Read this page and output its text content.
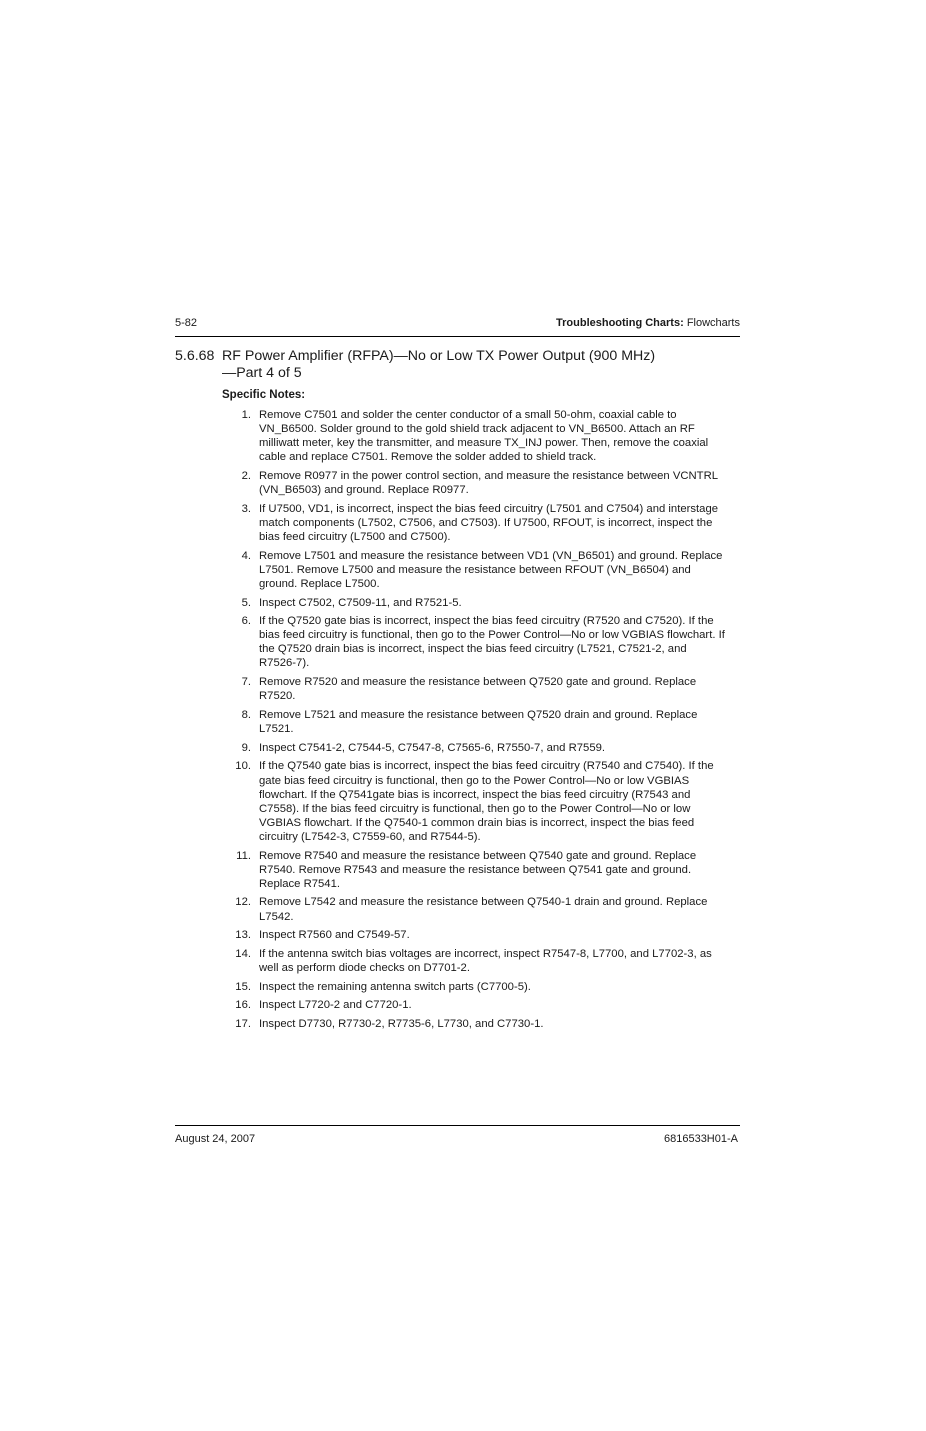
5-82	Troubleshooting Charts: Flowcharts
5.6.68 RF Power Amplifier (RFPA)—No or Low TX Power Output (900 MHz)
—Part 4 of 5
Specific Notes:
1. Remove C7501 and solder the center conductor of a small 50-ohm, coaxial cable to
VN_B6500. Solder ground to the gold shield track adjacent to VN_B6500. Attach an RF
milliwatt meter, key the transmitter, and measure TX_INJ power. Then, remove the coaxial
cable and replace C7501. Remove the solder added to shield track.
2. Remove R0977 in the power control section, and measure the resistance between VCNTRL
(VN_B6503) and ground. Replace R0977.
3. If U7500, VD1, is incorrect, inspect the bias feed circuitry (L7501 and C7504) and interstage
match components (L7502, C7506, and C7503). If U7500, RFOUT, is incorrect, inspect the
bias feed circuitry (L7500 and C7500).
4. Remove L7501 and measure the resistance between VD1 (VN_B6501) and ground. Replace
L7501. Remove L7500 and measure the resistance between RFOUT (VN_B6504) and
ground. Replace L7500.
5. Inspect C7502, C7509-11, and R7521-5.
6. If the Q7520 gate bias is incorrect, inspect the bias feed circuitry (R7520 and C7520). If the
bias feed circuitry is functional, then go to the Power Control—No or low VGBIAS flowchart. If
the Q7520 drain bias is incorrect, inspect the bias feed circuitry (L7521, C7521-2, and
R7526-7).
7. Remove R7520 and measure the resistance between Q7520 gate and ground. Replace
R7520.
8. Remove L7521 and measure the resistance between Q7520 drain and ground. Replace
L7521.
9. Inspect C7541-2, C7544-5, C7547-8, C7565-6, R7550-7, and R7559.
10. If the Q7540 gate bias is incorrect, inspect the bias feed circuitry (R7540 and C7540). If the
gate bias feed circuitry is functional, then go to the Power Control—No or low VGBIAS
flowchart. If the Q7541gate bias is incorrect, inspect the bias feed circuitry (R7543 and
C7558). If the bias feed circuitry is functional, then go to the Power Control—No or low
VGBIAS flowchart. If the Q7540-1 common drain bias is incorrect, inspect the bias feed
circuitry (L7542-3, C7559-60, and R7544-5).
11. Remove R7540 and measure the resistance between Q7540 gate and ground. Replace
R7540. Remove R7543 and measure the resistance between Q7541 gate and ground.
Replace R7541.
12. Remove L7542 and measure the resistance between Q7540-1 drain and ground. Replace
L7542.
13. Inspect R7560 and C7549-57.
14. If the antenna switch bias voltages are incorrect, inspect R7547-8, L7700, and L7702-3, as
well as perform diode checks on D7701-2.
15. Inspect the remaining antenna switch parts (C7700-5).
16. Inspect L7720-2 and C7720-1.
17. Inspect D7730, R7730-2, R7735-6, L7730, and C7730-1.
August 24, 2007	6816533H01-A
